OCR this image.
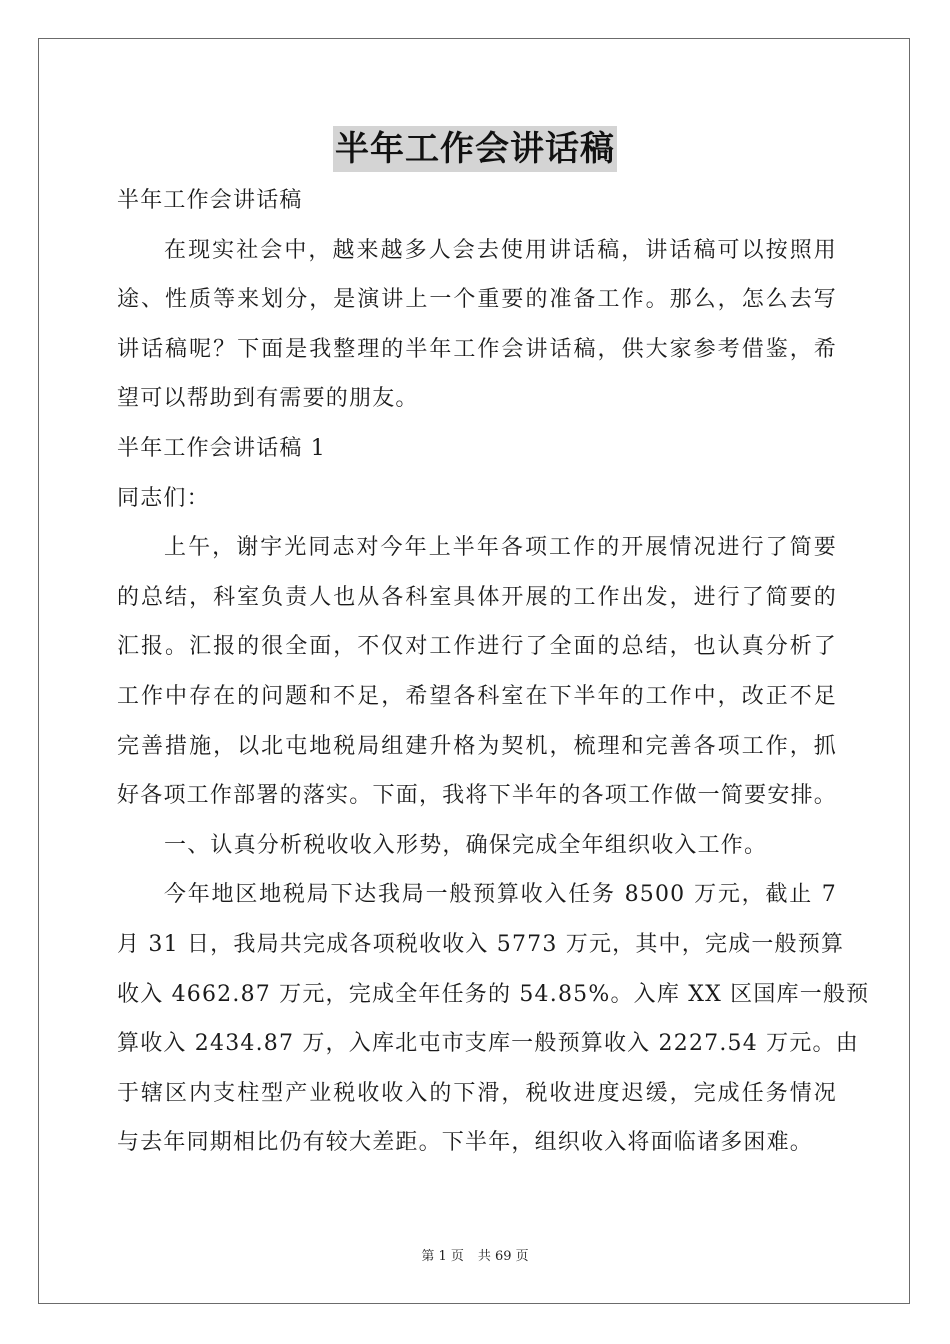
半年工作会讲话稿
半年工作会讲话稿
在现实社会中，越来越多人会去使用讲话稿，讲话稿可以按照用
途、性质等来划分，是演讲上一个重要的准备工作。那么，怎么去写
讲话稿呢？下面是我整理的半年工作会讲话稿，供大家参考借鉴，希
望可以帮助到有需要的朋友。
半年工作会讲话稿 1
同志们：
上午，谢宇光同志对今年上半年各项工作的开展情况进行了简要
的总结，科室负责人也从各科室具体开展的工作出发，进行了简要的
汇报。汇报的很全面，不仅对工作进行了全面的总结，也认真分析了
工作中存在的问题和不足，希望各科室在下半年的工作中，改正不足
完善措施，以北屯地税局组建升格为契机，梳理和完善各项工作，抓
好各项工作部署的落实。下面，我将下半年的各项工作做一简要安排。
一、认真分析税收收入形势，确保完成全年组织收入工作。
今年地区地税局下达我局一般预算收入任务 8500 万元，截止 7
月 31 日，我局共完成各项税收收入 5773 万元，其中，完成一般预算
收入 4662.87 万元，完成全年任务的 54.85%。入库 XX 区国库一般预
算收入 2434.87 万，入库北屯市支库一般预算收入 2227.54 万元。由
于辖区内支柱型产业税收收入的下滑，税收进度迟缓，完成任务情况
与去年同期相比仍有较大差距。下半年，组织收入将面临诸多困难。
第 1 页 共 69 页
